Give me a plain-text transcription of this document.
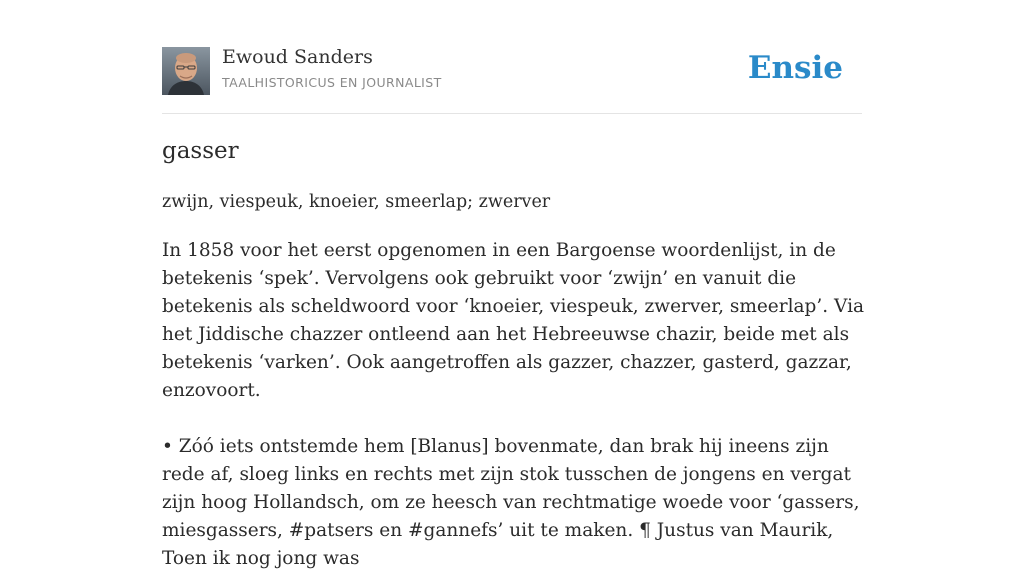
Ewoud Sanders
TAALHISTORICUS EN JOURNALIST	Ensie
gasser
zwijn, viespeuk, knoeier, smeerlap; zwerver

In 1858 voor het eerst opgenomen in een Bargoense woordenlijst, in de betekenis ‘spek’. Vervolgens ook gebruikt voor ‘zwijn’ en vanuit die betekenis als scheldwoord voor ‘knoeier, viespeuk, zwerver, smeerlap’. Via het Jiddische chazzer ontleend aan het Hebreeuwse chazir, beide met als betekenis ‘varken’. Ook aangetroffen als gazzer, chazzer, gasterd, gazzar, enzovoort.

• Zóó iets ontstemde hem [Blanus] bovenmate, dan brak hij ineens zijn rede af, sloeg links en rechts met zijn stok tusschen de jongens en vergat zijn hoog Hollandsch, om ze heesch van rechtmatige woede voor ‘gassers, miesgassers, #patsers en #gannefs’ uit te maken. ¶ Justus van Maurik, Toen ik nog jong was
